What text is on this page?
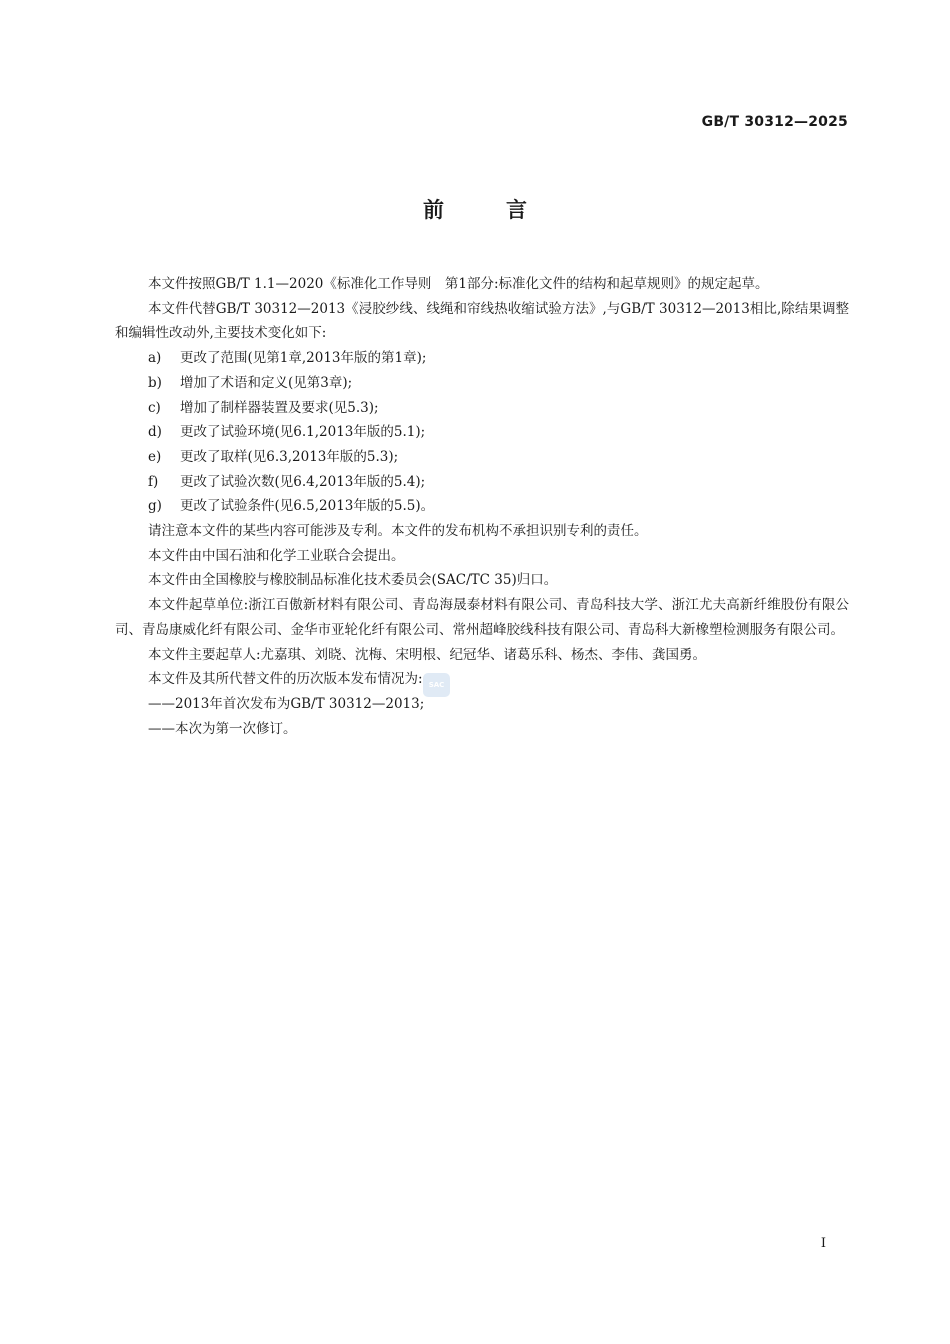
GB/T 30312—2025
前言

本文件按照GB/T 1.1—2020《标准化工作导则　第1部分:标准化文件的结构和起草规则》的规定起草。

本文件代替GB/T 30312—2013《浸胶纱线、线绳和帘线热收缩试验方法》,与GB/T 30312—2013相比,除结果调整和编辑性改动外,主要技术变化如下:

a) 更改了范围(见第1章,2013年版的第1章);

b) 增加了术语和定义(见第3章);

c) 增加了制样器装置及要求(见5.3);

d) 更改了试验环境(见6.1,2013年版的5.1);

e) 更改了取样(见6.3,2013年版的5.3);

f) 更改了试验次数(见6.4,2013年版的5.4);

g) 更改了试验条件(见6.5,2013年版的5.5)。

请注意本文件的某些内容可能涉及专利。本文件的发布机构不承担识别专利的责任。

本文件由中国石油和化学工业联合会提出。

本文件由全国橡胶与橡胶制品标准化技术委员会(SAC/TC 35)归口。

本文件起草单位:浙江百傲新材料有限公司、青岛海晟泰材料有限公司、青岛科技大学、浙江尤夫高新纤维股份有限公司、青岛康威化纤有限公司、金华市亚轮化纤有限公司、常州超峰胶线科技有限公司、青岛科大新橡塑检测服务有限公司。

本文件主要起草人:尤嘉琪、刘晓、沈梅、宋明根、纪冠华、诸葛乐科、杨杰、李伟、龚国勇。

本文件及其所代替文件的历次版本发布情况为:

——2013年首次发布为GB/T 30312—2013;

——本次为第一次修订。

SAC
I
